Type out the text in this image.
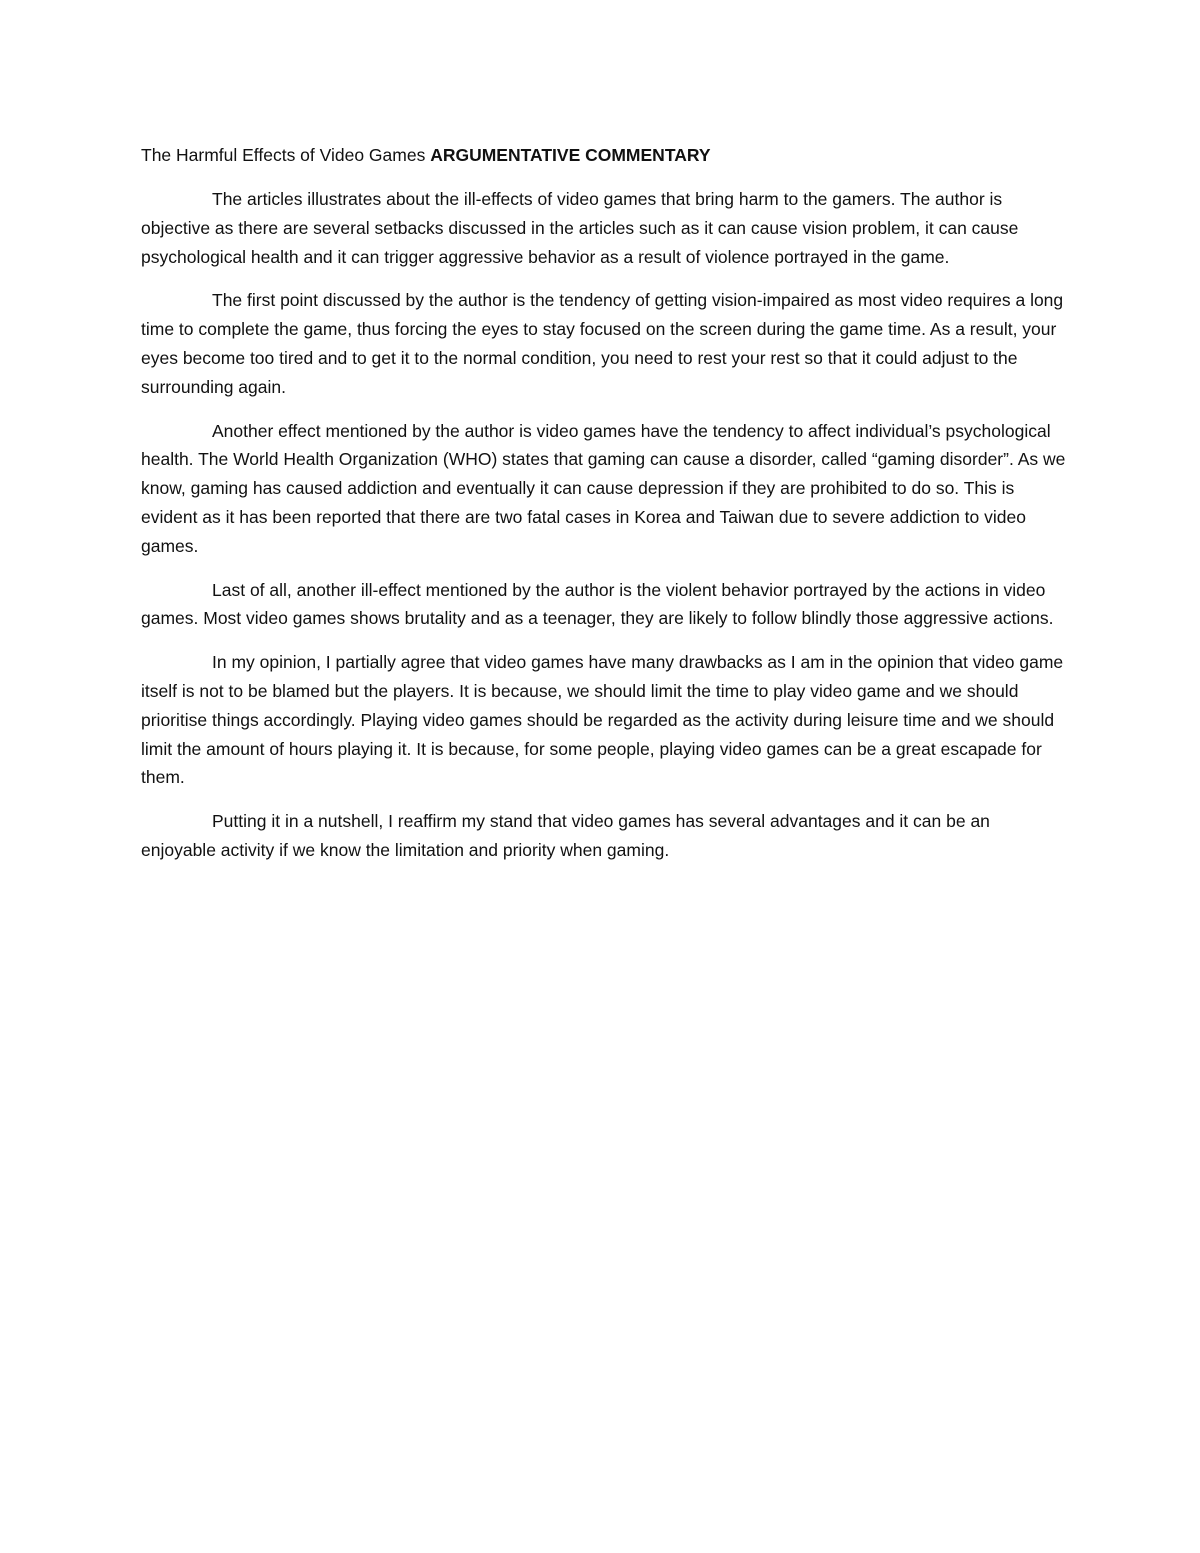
The Harmful Effects of Video Games ARGUMENTATIVE COMMENTARY

The articles illustrates about the ill-effects of video games that bring harm to the gamers. The author is objective as there are several setbacks discussed in the articles such as it can cause vision problem, it can cause psychological health and it can trigger aggressive behavior as a result of violence portrayed in the game.

The first point discussed by the author is the tendency of getting vision-impaired as most video requires a long time to complete the game, thus forcing the eyes to stay focused on the screen during the game time. As a result, your eyes become too tired and to get it to the normal condition, you need to rest your rest so that it could adjust to the surrounding again.

Another effect mentioned by the author is video games have the tendency to affect individual’s psychological health. The World Health Organization (WHO) states that gaming can cause a disorder, called “gaming disorder”. As we know, gaming has caused addiction and eventually it can cause depression if they are prohibited to do so. This is evident as it has been reported that there are two fatal cases in Korea and Taiwan due to severe addiction to video games.

Last of all, another ill-effect mentioned by the author is the violent behavior portrayed by the actions in video games. Most video games shows brutality and as a teenager, they are likely to follow blindly those aggressive actions.

In my opinion, I partially agree that video games have many drawbacks as I am in the opinion that video game itself is not to be blamed but the players. It is because, we should limit the time to play video game and we should prioritise things accordingly. Playing video games should be regarded as the activity during leisure time and we should limit the amount of hours playing it. It is because, for some people, playing video games can be a great escapade for them.

Putting it in a nutshell, I reaffirm my stand that video games has several advantages and it can be an enjoyable activity if we know the limitation and priority when gaming.
